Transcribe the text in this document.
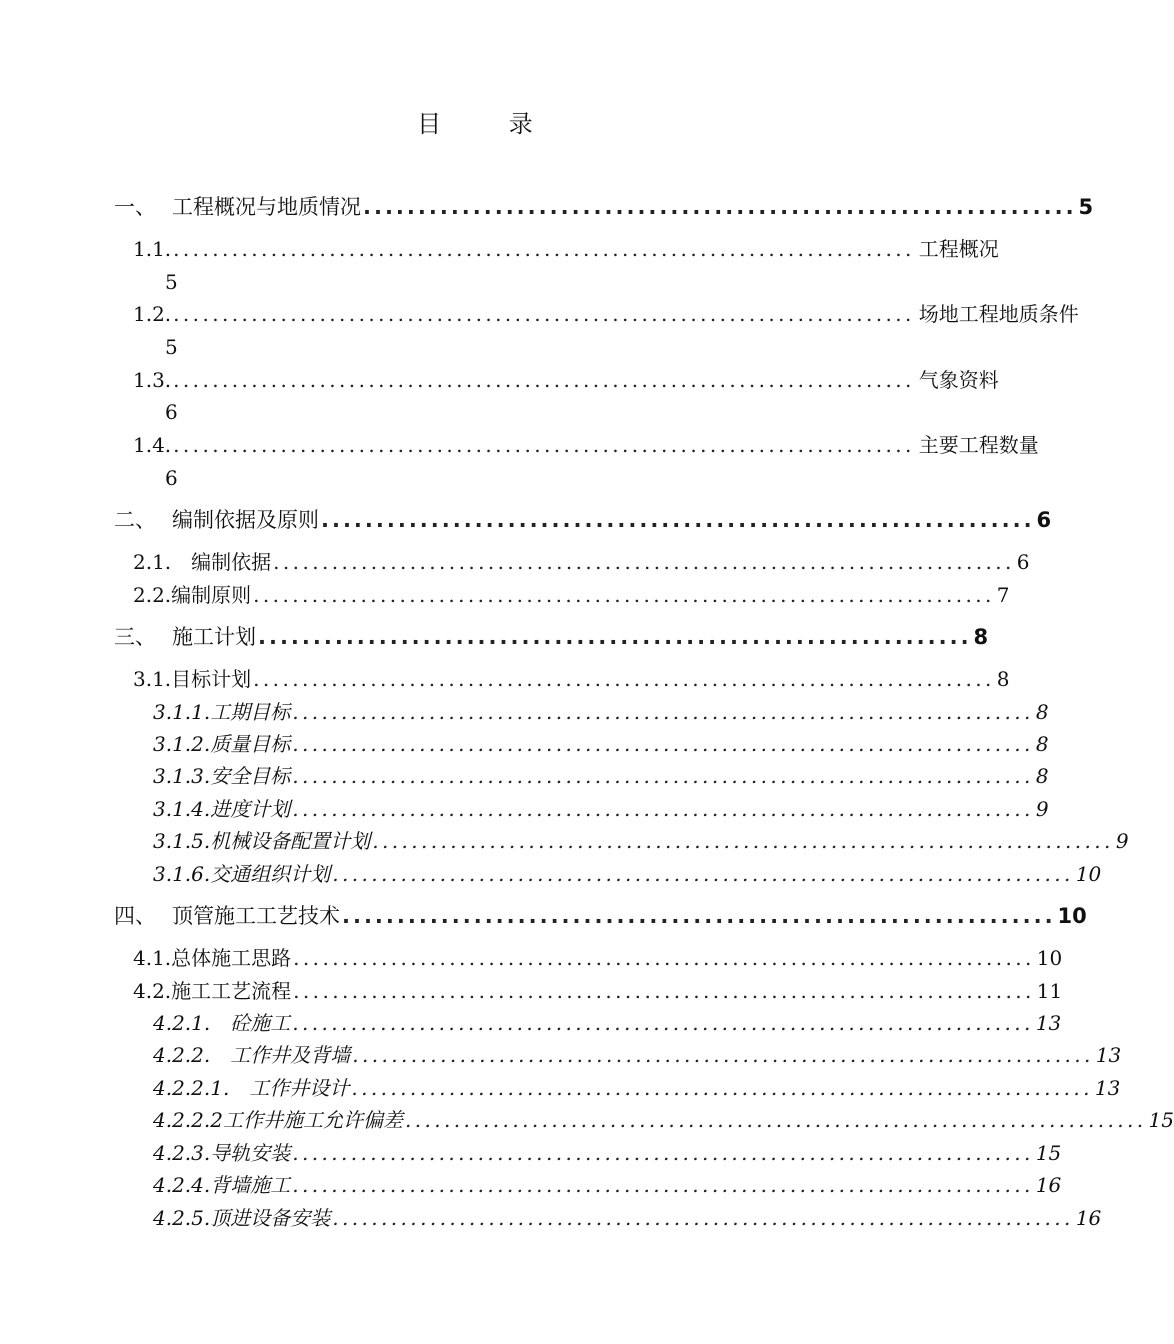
目 录
一、 工程概况与地质情况 ................................................................. 5
1.1. ............................................................................ 工程概况
5
1.2. ............................................................................ 场地工程地质条件
5
1.3. ............................................................................ 气象资料
6
1.4. ............................................................................ 主要工程数量
6
二、 编制依据及原则 ................................................................. 6
2.1.　编制依据 ............................................................................ 6
2.2.编制原则 ............................................................................ 7
三、 施工计划 ................................................................. 8
3.1.目标计划 ............................................................................ 8
3.1.1.工期目标 ............................................................................ 8
3.1.2.质量目标 ............................................................................ 8
3.1.3.安全目标 ............................................................................ 8
3.1.4.进度计划 ............................................................................ 9
3.1.5.机械设备配置计划 ............................................................................ 9
3.1.6.交通组织计划 ............................................................................ 10
四、 顶管施工工艺技术 ................................................................. 10
4.1.总体施工思路 ............................................................................ 10
4.2.施工工艺流程 ............................................................................ 11
4.2.1.　砼施工 ............................................................................ 13
4.2.2.　工作井及背墙 ............................................................................ 13
4.2.2.1.　工作井设计 ............................................................................ 13
4.2.2.2工作井施工允许偏差 ............................................................................ 15
4.2.3.导轨安装 ............................................................................ 15
4.2.4.背墙施工 ............................................................................ 16
4.2.5.顶进设备安装 ............................................................................ 16
